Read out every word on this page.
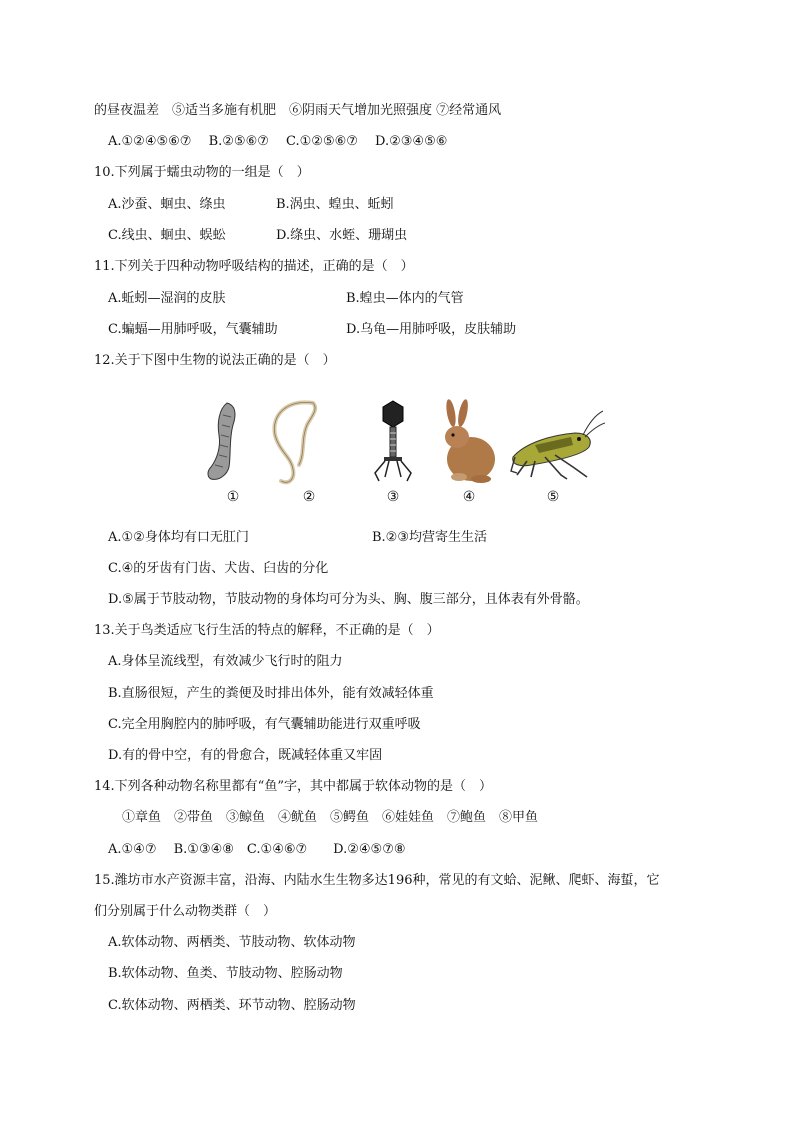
的昼夜温差　⑤适当多施有机肥　⑥阴雨天气增加光照强度 ⑦经常通风
A.①②④⑤⑥⑦　 B.②⑤⑥⑦　 C.①②⑤⑥⑦　 D.②③④⑤⑥
10.下列属于蠕虫动物的一组是（　）
A.沙蚕、蛔虫、绦虫	B.涡虫、蝗虫、蚯蚓
C.线虫、蛔虫、蜈蚣	D.绦虫、水蛭、珊瑚虫
11.下列关于四种动物呼吸结构的描述，正确的是（　）
A.蚯蚓—湿润的皮肤	B.蝗虫—体内的气管
C.蝙蝠—用肺呼吸，气囊辅助	D.乌龟—用肺呼吸，皮肤辅助
12.关于下图中生物的说法正确的是（　）
①	②	③	④	⑤
A.①②身体均有口无肛门	B.②③均营寄生生活
C.④的牙齿有门齿、犬齿、臼齿的分化
D.⑤属于节肢动物，节肢动物的身体均可分为头、胸、腹三部分，且体表有外骨骼。
13.关于鸟类适应飞行生活的特点的解释，不正确的是（　）
A.身体呈流线型，有效减少飞行时的阻力
B.直肠很短，产生的粪便及时排出体外，能有效减轻体重
C.完全用胸腔内的肺呼吸，有气囊辅助能进行双重呼吸
D.有的骨中空，有的骨愈合，既减轻体重又牢固
14.下列各种动物名称里都有“鱼”字，其中都属于软体动物的是（　）
①章鱼　②带鱼　③鲸鱼　④鱿鱼　⑤鳄鱼　⑥娃娃鱼　⑦鲍鱼　⑧甲鱼
A.①④⑦　 B.①③④⑧　C.①④⑥⑦　　D.②④⑤⑦⑧
15.潍坊市水产资源丰富，沿海、内陆水生生物多达196种，常见的有文蛤、泥鳅、爬虾、海蜇，它
们分别属于什么动物类群（　）
A.软体动物、两栖类、节肢动物、软体动物
B.软体动物、鱼类、节肢动物、腔肠动物
C.软体动物、两栖类、环节动物、腔肠动物
